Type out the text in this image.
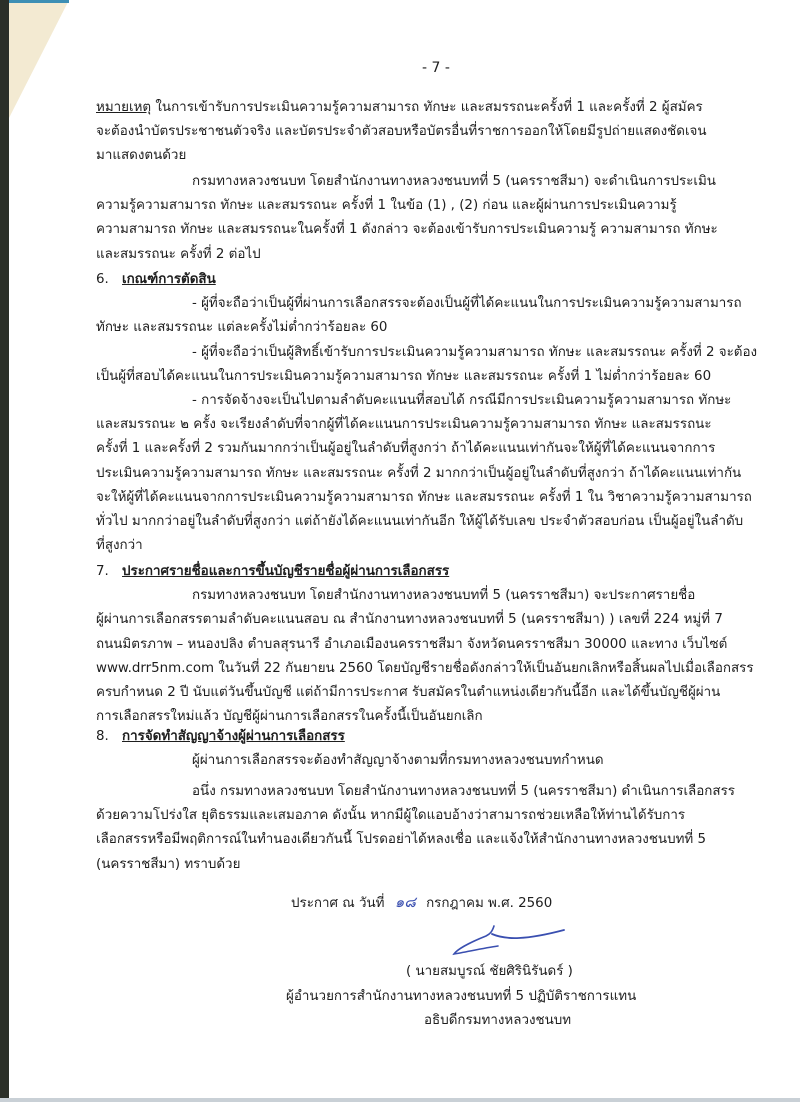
- 7 -
หมายเหตุ ในการเข้ารับการประเมินความรู้ความสามารถ ทักษะ และสมรรถนะครั้งที่ 1 และครั้งที่ 2 ผู้สมัคร
จะต้องนำบัตรประชาชนตัวจริง และบัตรประจำตัวสอบหรือบัตรอื่นที่ราชการออกให้โดยมีรูปถ่ายแสดงชัดเจน
มาแสดงตนด้วย
กรมทางหลวงชนบท โดยสำนักงานทางหลวงชนบทที่ 5 (นครราชสีมา) จะดำเนินการประเมิน
ความรู้ความสามารถ ทักษะ และสมรรถนะ ครั้งที่ 1 ในข้อ (1) , (2) ก่อน และผู้ผ่านการประเมินความรู้
ความสามารถ ทักษะ และสมรรถนะในครั้งที่ 1 ดังกล่าว จะต้องเข้ารับการประเมินความรู้ ความสามารถ ทักษะ
และสมรรถนะ ครั้งที่ 2 ต่อไป
6. เกณฑ์การตัดสิน
- ผู้ที่จะถือว่าเป็นผู้ที่ผ่านการเลือกสรรจะต้องเป็นผู้ที่ได้คะแนนในการประเมินความรู้ความสามารถ
ทักษะ และสมรรถนะ แต่ละครั้งไม่ต่ำกว่าร้อยละ 60
- ผู้ที่จะถือว่าเป็นผู้สิทธิ์เข้ารับการประเมินความรู้ความสามารถ ทักษะ และสมรรถนะ ครั้งที่ 2 จะต้อง
เป็นผู้ที่สอบได้คะแนนในการประเมินความรู้ความสามารถ ทักษะ และสมรรถนะ ครั้งที่ 1 ไม่ต่ำกว่าร้อยละ 60
- การจัดจ้างจะเป็นไปตามลำดับคะแนนที่สอบได้ กรณีมีการประเมินความรู้ความสามารถ ทักษะ
และสมรรถนะ ๒ ครั้ง จะเรียงลำดับที่จากผู้ที่ได้คะแนนการประเมินความรู้ความสามารถ ทักษะ และสมรรถนะ
ครั้งที่ 1 และครั้งที่ 2 รวมกันมากกว่าเป็นผู้อยู่ในลำดับที่สูงกว่า ถ้าได้คะแนนเท่ากันจะให้ผู้ที่ได้คะแนนจากการ
ประเมินความรู้ความสามารถ ทักษะ และสมรรถนะ ครั้งที่ 2 มากกว่าเป็นผู้อยู่ในลำดับที่สูงกว่า ถ้าได้คะแนนเท่ากัน
จะให้ผู้ที่ได้คะแนนจากการประเมินความรู้ความสามารถ ทักษะ และสมรรถนะ ครั้งที่ 1 ใน วิชาความรู้ความสามารถ
ทั่วไป มากกว่าอยู่ในลำดับที่สูงกว่า แต่ถ้ายังได้คะแนนเท่ากันอีก ให้ผู้ได้รับเลข ประจำตัวสอบก่อน เป็นผู้อยู่ในลำดับ
ที่สูงกว่า
7. ประกาศรายชื่อและการขึ้นบัญชีรายชื่อผู้ผ่านการเลือกสรร
กรมทางหลวงชนบท โดยสำนักงานทางหลวงชนบทที่ 5 (นครราชสีมา) จะประกาศรายชื่อ
ผู้ผ่านการเลือกสรรตามลำดับคะแนนสอบ ณ สำนักงานทางหลวงชนบทที่ 5 (นครราชสีมา) ) เลขที่ 224 หมู่ที่ 7
ถนนมิตรภาพ – หนองปลิง ตำบลสุรนารี อำเภอเมืองนครราชสีมา จังหวัดนครราชสีมา 30000 และทาง เว็บไซต์
www.drr5nm.com ในวันที่ 22 กันยายน 2560 โดยบัญชีรายชื่อดังกล่าวให้เป็นอันยกเลิกหรือสิ้นผลไปเมื่อเลือกสรร
ครบกำหนด 2 ปี นับแต่วันขึ้นบัญชี แต่ถ้ามีการประกาศ รับสมัครในตำแหน่งเดียวกันนี้อีก และได้ขึ้นบัญชีผู้ผ่าน
การเลือกสรรใหม่แล้ว บัญชีผู้ผ่านการเลือกสรรในครั้งนี้เป็นอันยกเลิก
8. การจัดทำสัญญาจ้างผู้ผ่านการเลือกสรร
ผู้ผ่านการเลือกสรรจะต้องทำสัญญาจ้างตามที่กรมทางหลวงชนบทกำหนด
อนึ่ง กรมทางหลวงชนบท โดยสำนักงานทางหลวงชนบทที่ 5 (นครราชสีมา) ดำเนินการเลือกสรร
ด้วยความโปร่งใส ยุติธรรมและเสมอภาค ดังนั้น หากมีผู้ใดแอบอ้างว่าสามารถช่วยเหลือให้ท่านได้รับการ
เลือกสรรหรือมีพฤติการณ์ในทำนองเดียวกันนี้ โปรดอย่าได้หลงเชื่อ และแจ้งให้สำนักงานทางหลวงชนบทที่ 5
(นครราชสีมา) ทราบด้วย
ประกาศ ณ วันที่ ๑๘ กรกฎาคม พ.ศ. 2560
( นายสมบูรณ์ ชัยศิรินิรันดร์ )
ผู้อำนวยการสำนักงานทางหลวงชนบทที่ 5 ปฏิบัติราชการแทน
อธิบดีกรมทางหลวงชนบท
